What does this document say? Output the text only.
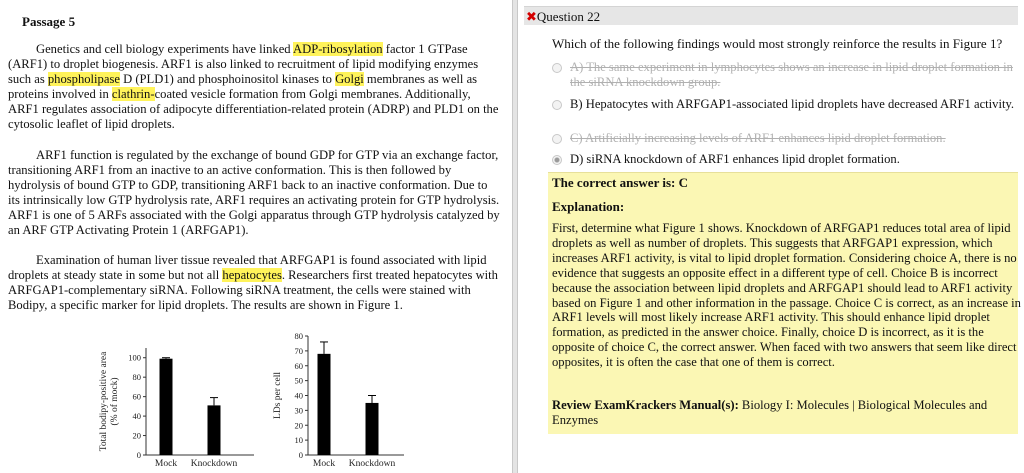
Passage 5
Genetics and cell biology experiments have linked ADP-ribosylation factor 1 GTPase (ARF1) to droplet biogenesis. ARF1 is also linked to recruitment of lipid modifying enzymes such as phospholipase D (PLD1) and phosphoinositol kinases to Golgi membranes as well as proteins involved in clathrin-coated vesicle formation from Golgi membranes. Additionally, ARF1 regulates association of adipocyte differentiation-related protein (ADRP) and PLD1 on the cytosolic leaflet of lipid droplets.
ARF1 function is regulated by the exchange of bound GDP for GTP via an exchange factor, transitioning ARF1 from an inactive to an active conformation. This is then followed by hydrolysis of bound GTP to GDP, transitioning ARF1 back to an inactive conformation. Due to its intrinsically low GTP hydrolysis rate, ARF1 requires an activating protein for GTP hydrolysis. ARF1 is one of 5 ARFs associated with the Golgi apparatus through GTP hydrolysis catalyzed by an ARF GTP Activating Protein 1 (ARFGAP1).
Examination of human liver tissue revealed that ARFGAP1 is found associated with lipid droplets at steady state in some but not all hepatocytes. Researchers first treated hepatocytes with ARFGAP1-complementary siRNA. Following siRNA treatment, the cells were stained with Bodipy, a specific marker for lipid droplets. The results are shown in Figure 1.
0
20
40
60
80
100
Total bodipy-positive area (% of mock)
Mock Knockdown
0
10
20
30
40
50
60
70
80
LDs per cell
Mock Knockdown
✖Question 22
Which of the following findings would most strongly reinforce the results in Figure 1?
A) The same experiment in lymphocytes shows an increase in lipid droplet formation in the siRNA knockdown group.
B) Hepatocytes with ARFGAP1-associated lipid droplets have decreased ARF1 activity.
C) Artificially increasing levels of ARF1 enhances lipid droplet formation.
D) siRNA knockdown of ARF1 enhances lipid droplet formation.
The correct answer is: C
Explanation:
First, determine what Figure 1 shows. Knockdown of ARFGAP1 reduces total area of lipid droplets as well as number of droplets. This suggests that ARFGAP1 expression, which increases ARF1 activity, is vital to lipid droplet formation. Considering choice A, there is no evidence that suggests an opposite effect in a different type of cell. Choice B is incorrect because the association between lipid droplets and ARFGAP1 should lead to ARF1 activity based on Figure 1 and other information in the passage. Choice C is correct, as an increase in ARF1 levels will most likely increase ARF1 activity. This should enhance lipid droplet formation, as predicted in the answer choice. Finally, choice D is incorrect, as it is the opposite of choice C, the correct answer. When faced with two answers that seem like direct opposites, it is often the case that one of them is correct.
Review ExamKrackers Manual(s): Biology I: Molecules | Biological Molecules and Enzymes
